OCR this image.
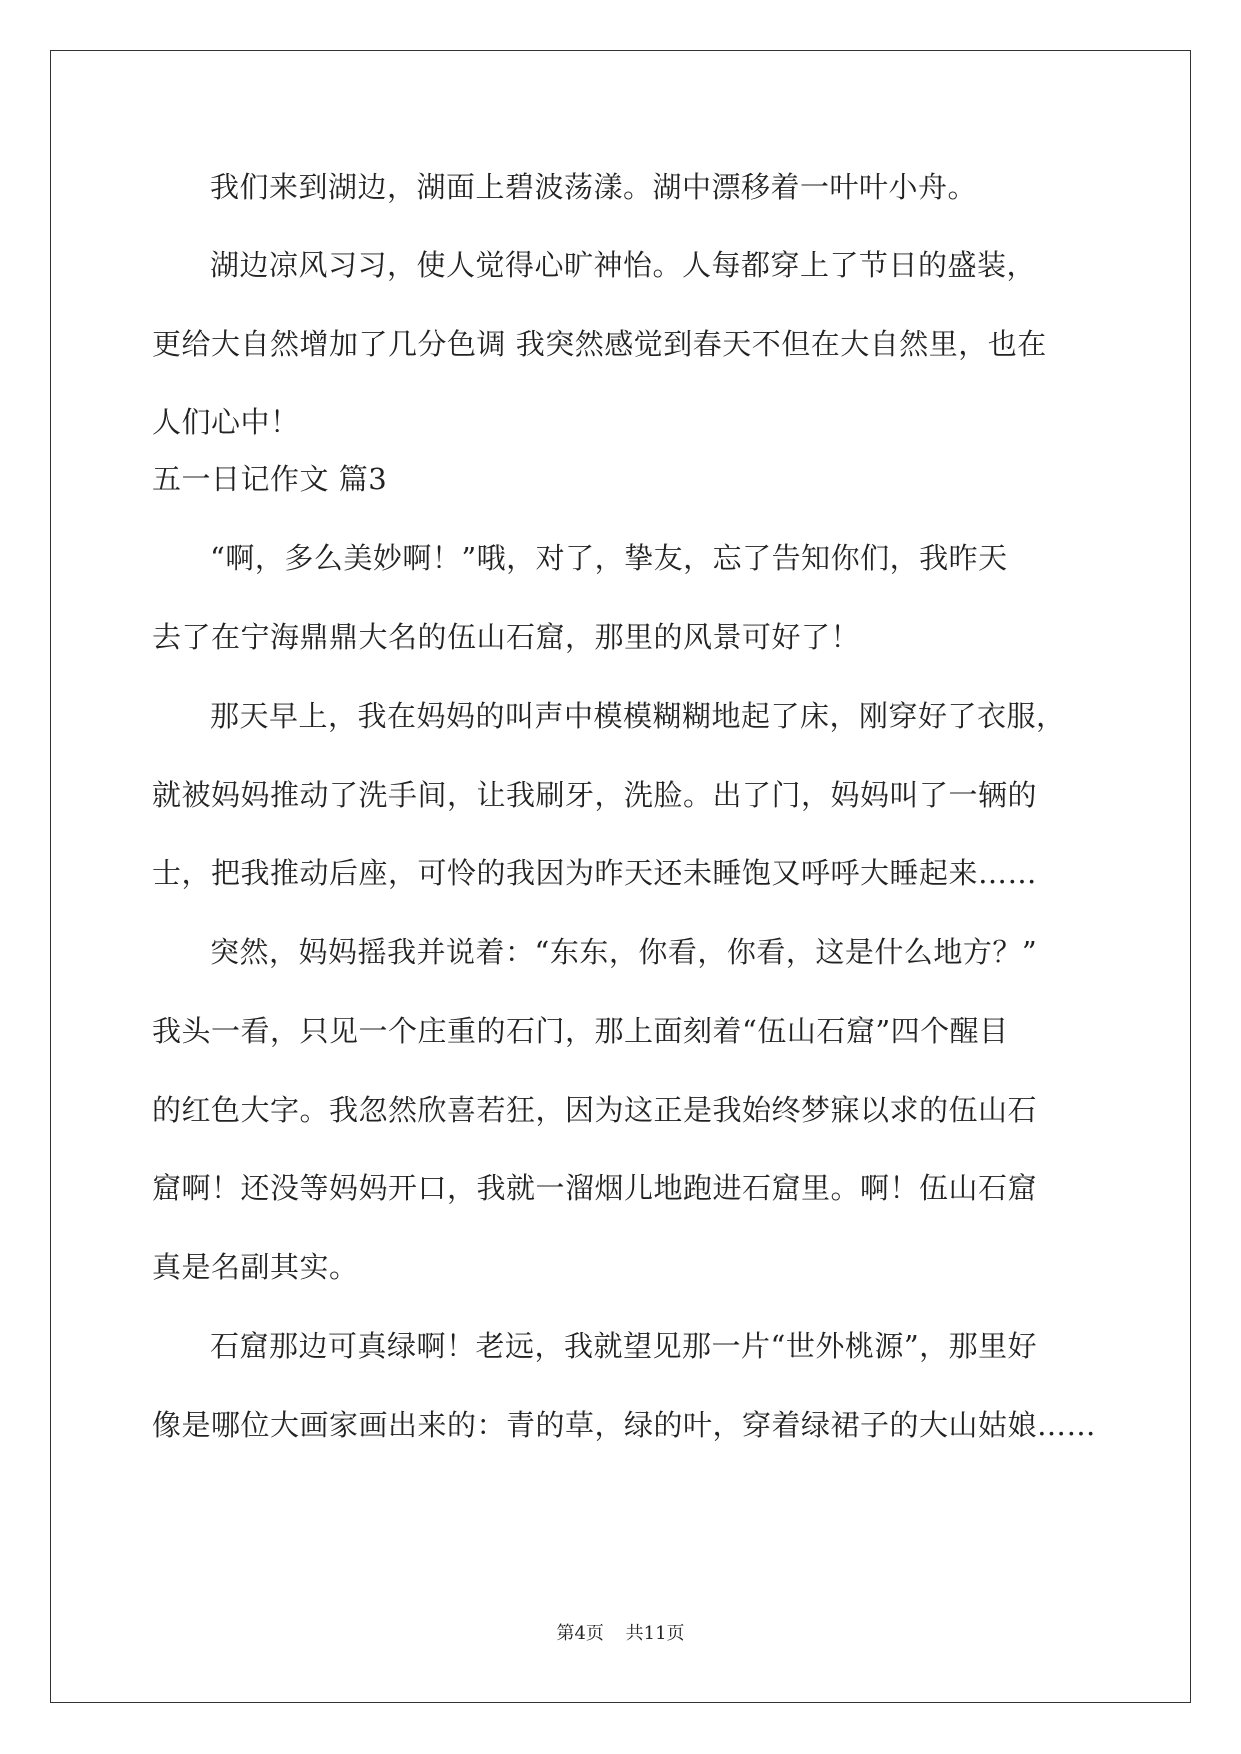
我们来到湖边，湖面上碧波荡漾。湖中漂移着一叶叶小舟。
湖边凉风习习，使人觉得心旷神怡。人每都穿上了节日的盛装，
更给大自然增加了几分色调 我突然感觉到春天不但在大自然里，也在
人们心中！
五一日记作文 篇3
“啊，多么美妙啊！”哦，对了，挚友，忘了告知你们，我昨天
去了在宁海鼎鼎大名的伍山石窟，那里的风景可好了！
那天早上，我在妈妈的叫声中模模糊糊地起了床，刚穿好了衣服，
就被妈妈推动了洗手间，让我刷牙，洗脸。出了门，妈妈叫了一辆的
士，把我推动后座，可怜的我因为昨天还未睡饱又呼呼大睡起来……
突然，妈妈摇我并说着：“东东，你看，你看，这是什么地方？”
我头一看，只见一个庄重的石门，那上面刻着“伍山石窟”四个醒目
的红色大字。我忽然欣喜若狂，因为这正是我始终梦寐以求的伍山石
窟啊！还没等妈妈开口，我就一溜烟儿地跑进石窟里。啊！伍山石窟
真是名副其实。
石窟那边可真绿啊！老远，我就望见那一片“世外桃源”，那里好
像是哪位大画家画出来的：青的草，绿的叶，穿着绿裙子的大山姑娘……
第4页 共11页
